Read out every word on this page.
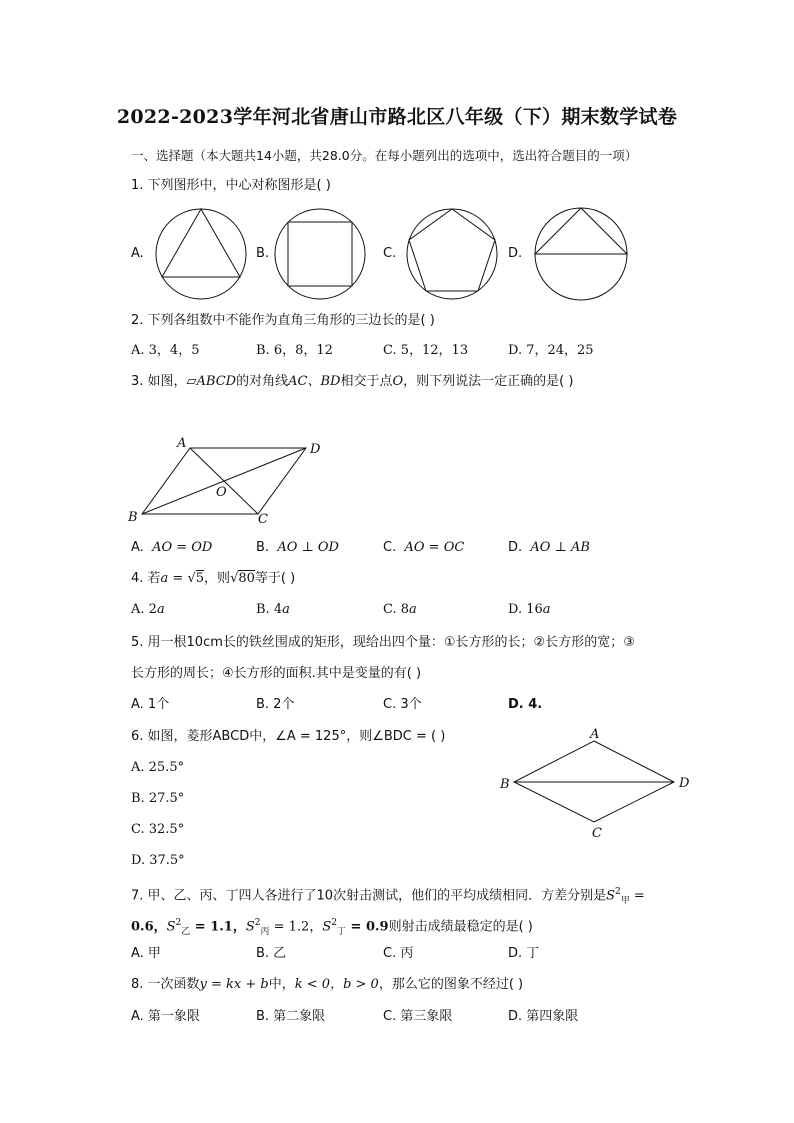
2022-2023学年河北省唐山市路北区八年级（下）期末数学试卷
一、选择题（本大题共14小题，共28.0分。在每小题列出的选项中，选出符合题目的一项）
1. 下列图形中，中心对称图形是( )
A.	B.	C.	D.
2. 下列各组数中不能作为直角三角形的三边长的是( )
A. 3，4，5	B. 6，8，12	C. 5，12，13	D. 7，24，25
3. 如图，▱ABCD的对角线AC、BD相交于点O，则下列说法一定正确的是( )
A	D
O
B	C
A. AO = OD	B. AO ⊥ OD	C. AO = OC	D. AO ⊥ AB
4. 若a = √5，则√80等于( )
A. 2a	B. 4a	C. 8a	D. 16a
5. 用一根10cm长的铁丝围成的矩形，现给出四个量：①长方形的长；②长方形的宽；③
长方形的周长；④长方形的面积.其中是变量的有( )
A. 1个	B. 2个	C. 3个	D. 4.
6. 如图，菱形ABCD中，∠A = 125°，则∠BDC = ( )
A. 25.5°
B. 27.5°
C. 32.5°
D. 37.5°
A
B	D
C
7. 甲、乙、丙、丁四人各进行了10次射击测试，他们的平均成绩相同．方差分别是$S^2_甲$ =
0.6，$S^2_乙 = 1.1$，$S^2_丙 = 1.2$，$S^2_丁 = 0.9$则射击成绩最稳定的是( )
A. 甲	B. 乙	C. 丙	D. 丁
8. 一次函数y = kx + b中，k < 0，b > 0，那么它的图象不经过( )
A. 第一象限	B. 第二象限	C. 第三象限	D. 第四象限
